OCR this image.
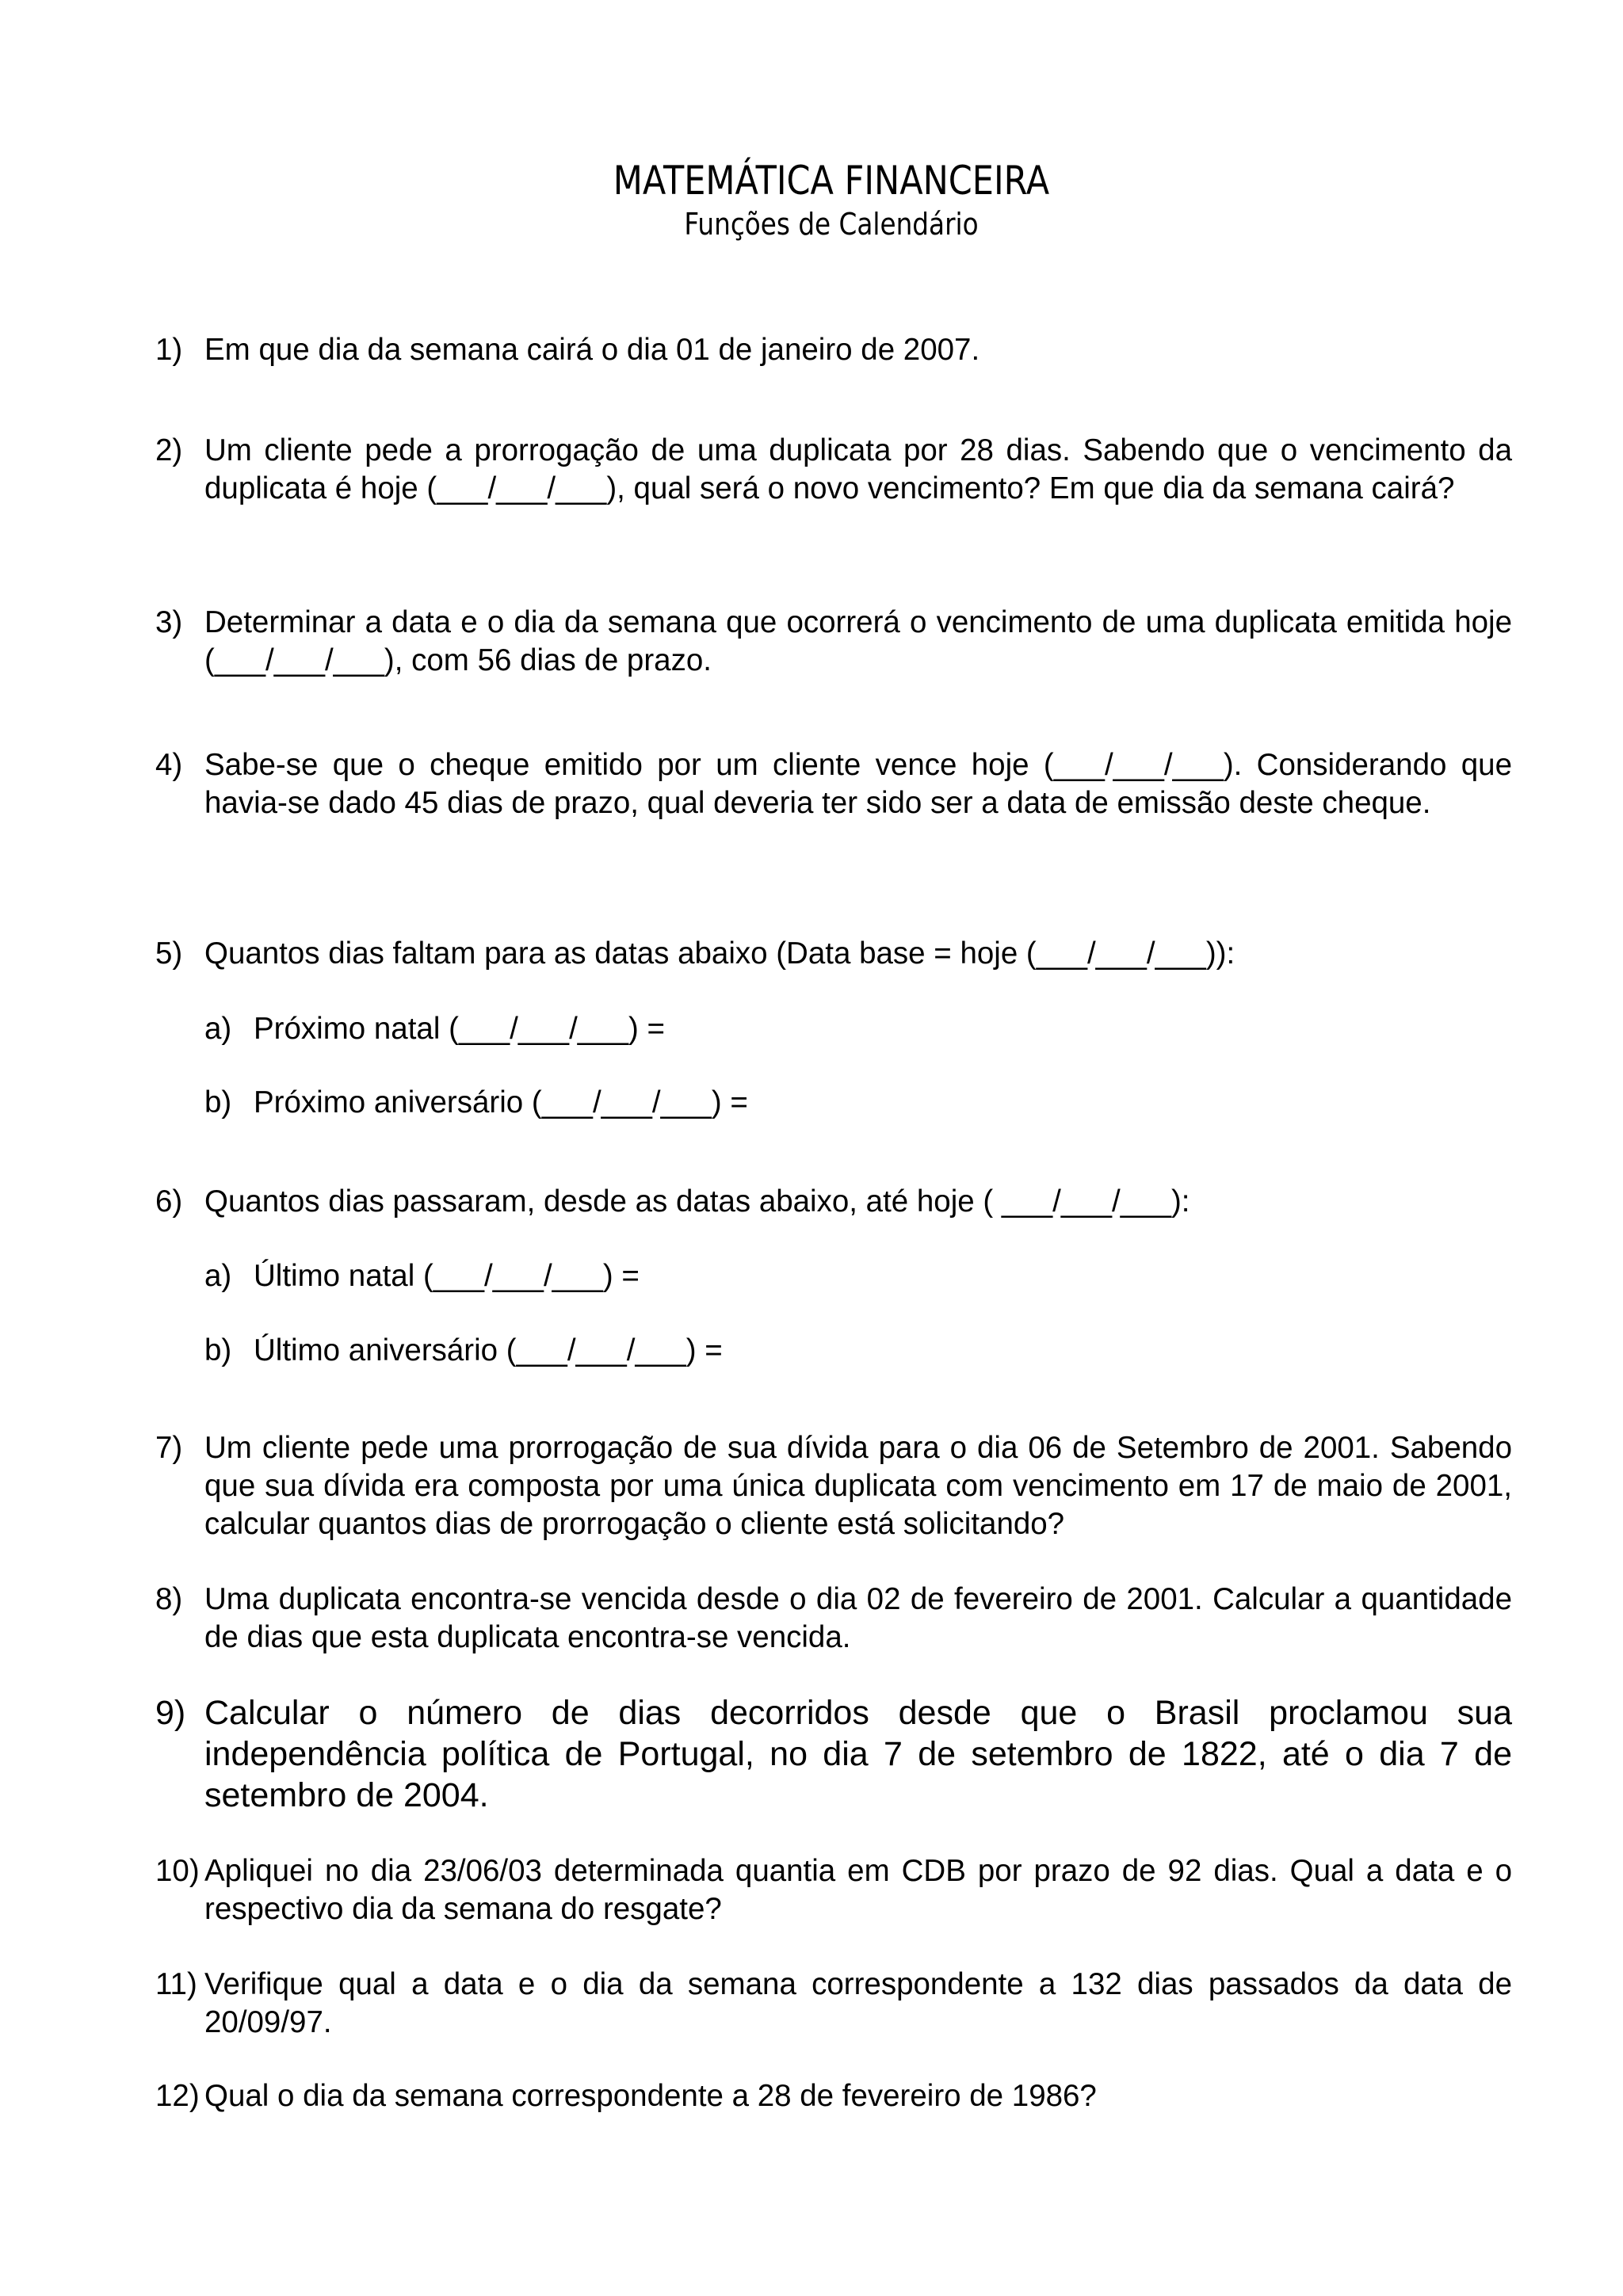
MATEMÁTICA FINANCEIRA
Funções de Calendário
1) Em que dia da semana cairá o dia 01 de janeiro de 2007.
2) Um cliente pede a prorrogação de uma duplicata por 28 dias. Sabendo que o vencimento da duplicata é hoje (___/___/___), qual será o novo vencimento? Em que dia da semana cairá?
3) Determinar a data e o dia da semana que ocorrerá o vencimento de uma duplicata emitida hoje (___/___/___), com 56 dias de prazo.
4) Sabe-se que o cheque emitido por um cliente vence hoje (___/___/___). Considerando que havia-se dado 45 dias de prazo, qual deveria ter sido ser a data de emissão deste cheque.
5) Quantos dias faltam para as datas abaixo (Data base = hoje (___/___/___)):
a) Próximo natal (___/___/___) =
b) Próximo aniversário (___/___/___) =
6) Quantos dias passaram, desde as datas abaixo, até hoje ( ___/___/___):
a) Último natal (___/___/___) =
b) Último aniversário (___/___/___) =
7) Um cliente pede uma prorrogação de sua dívida para o dia 06 de Setembro de 2001. Sabendo que sua dívida era composta por uma única duplicata com vencimento em 17 de maio de 2001, calcular quantos dias de prorrogação o cliente está solicitando?
8) Uma duplicata encontra-se vencida desde o dia 02 de fevereiro de 2001. Calcular a quantidade de dias que esta duplicata encontra-se vencida.
9) Calcular o número de dias decorridos desde que o Brasil proclamou sua independência política de Portugal, no dia 7 de setembro de 1822, até o dia 7 de setembro de 2004.
10) Apliquei no dia 23/06/03 determinada quantia em CDB por prazo de 92 dias. Qual a data e o respectivo dia da semana do resgate?
11) Verifique qual a data e o dia da semana correspondente a 132 dias passados da data de 20/09/97.
12) Qual o dia da semana correspondente a 28 de fevereiro de 1986?
